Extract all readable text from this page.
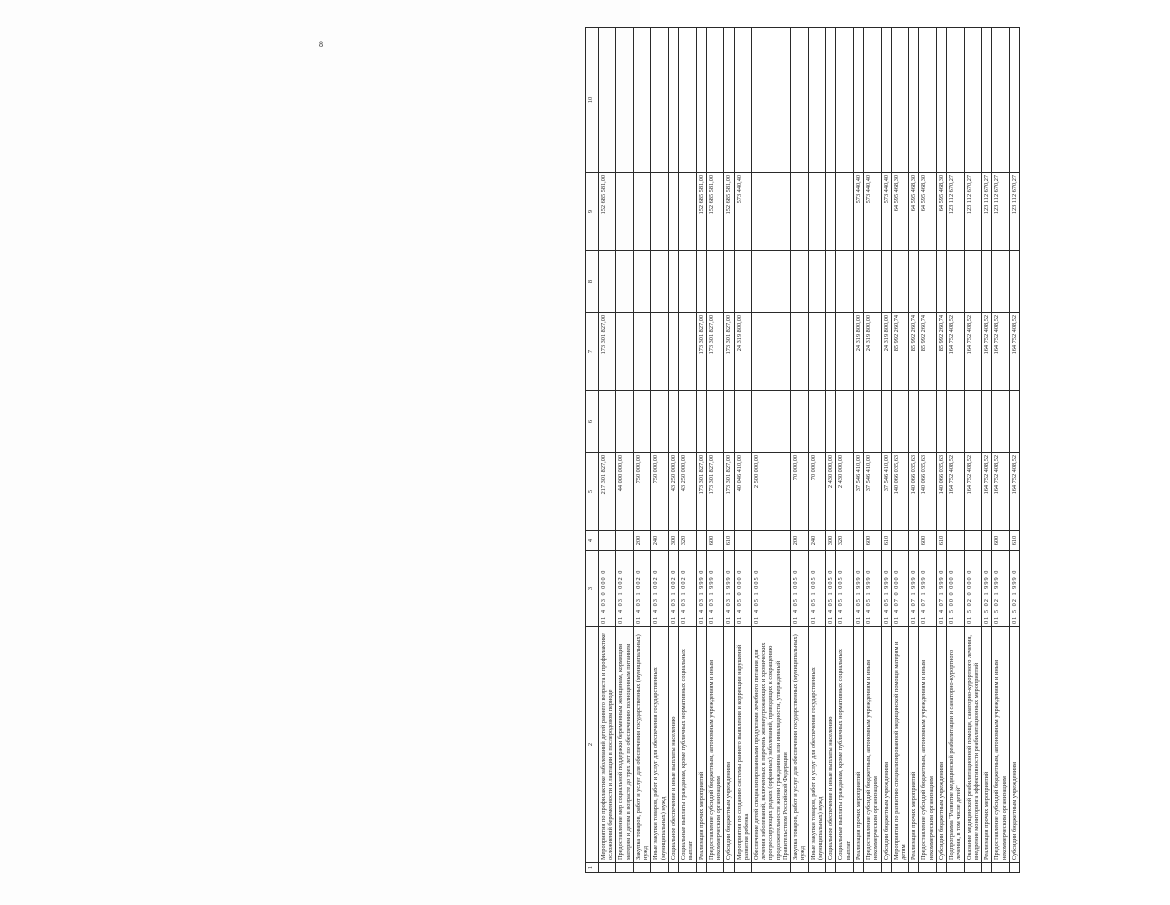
8
1	2	3	4	5	6	7	8	9	10
	Мероприятия по профилактике заболеваний детей раннего возраста и профилактике осложнений беременности и лактации в послеродовом периоде	01 4 03 0 000 0		217 301 827,00		173 301 827,00		152 685 581,00	
	Предоставление мер социальной поддержки беременным женщинам, кормящим матерям и детям в возрасте до трех лет по обеспечению полноценным питанием	01 4 03 1 002 0		44 000 000,00					
	Закупка товаров, работ и услуг для обеспечения государственных (муниципальных) нужд	01 4 03 1 002 0	200	750 000,00					
	Иные закупки товаров, работ и услуг для обеспечения государственных (муниципальных) нужд	01 4 03 1 002 0	240	750 000,00					
	Социальное обеспечение и иные выплаты населению	01 4 03 1 002 0	300	43 250 000,00					
	Социальные выплаты гражданам, кроме публичных нормативных социальных выплат	01 4 03 1 002 0	320	43 250 000,00					
	Реализация прочих мероприятий	01 4 03 1 999 0		173 301 827,00		173 301 827,00		152 685 581,00	
	Предоставление субсидий бюджетным, автономным учреждениям и иным некоммерческим организациям	01 4 03 1 999 0	600	173 301 827,00		173 301 827,00		152 685 581,00	
	Субсидии бюджетным учреждениям	01 4 03 1 999 0	610	173 301 827,00		173 301 827,00		152 685 581,00	
	Мероприятия по созданию системы раннего выявления и коррекции нарушений развития ребенка	01 4 05 0 000 0		40 046 410,00		24 319 800,00		573 440,40	
	Обеспечение детей специализированными продуктами лечебного питания для лечения заболеваний, включенных в перечень жизнеугрожающих и хронических прогрессирующих редких (орфанных) заболеваний, приводящих к сокращению продолжительности жизни гражданина или инвалидности, утвержденный Правительством Российской Федерации	01 4 05 1 005 0		2 500 000,00					
	Закупка товаров, работ и услуг для обеспечения государственных (муниципальных) нужд	01 4 05 1 005 0	200	70 000,00					
	Иные закупки товаров, работ и услуг для обеспечения государственных (муниципальных) нужд	01 4 05 1 005 0	240	70 000,00					
	Социальное обеспечение и иные выплаты населению	01 4 05 1 005 0	300	2 430 000,00					
	Социальные выплаты гражданам, кроме публичных нормативных социальных выплат	01 4 05 1 005 0	320	2 430 000,00					
	Реализация прочих мероприятий	01 4 05 1 999 0		37 546 410,00		24 319 800,00		573 440,40	
	Предоставление субсидий бюджетным, автономным учреждениям и иным некоммерческим организациям	01 4 05 1 999 0	600	37 546 410,00		24 319 800,00		573 440,40	
	Субсидии бюджетным учреждениям	01 4 05 1 999 0	610	37 546 410,00		24 319 800,00		573 440,40	
	Мероприятия по развитию специализированной медицинской помощи матерям и детям	01 4 07 0 000 0		140 066 035,63		85 992 260,74		64 595 468,30	
	Реализация прочих мероприятий	01 4 07 1 999 0		140 066 035,63		85 992 260,74		64 595 468,30	
	Предоставление субсидий бюджетным, автономным учреждениям и иным некоммерческим организациям	01 4 07 1 999 0	600	140 066 035,63		85 992 260,74		64 595 468,30	
	Субсидии бюджетным учреждениям	01 4 07 1 999 0	610	140 066 035,63		85 992 260,74		64 595 468,30	
	Подпрограмма "Развитие медицинской реабилитации и санаторно-курортного лечения, в том числе детей"	01 5 00 0 000 0		164 752 408,52		164 752 408,52		123 112 670,27	
	Оказание медицинской реабилитационной помощи, санаторно-курортного лечения, внедрение мониторинга эффективности реабилитационных мероприятий	01 5 02 0 000 0		164 752 408,52		164 752 408,52		123 112 670,27	
	Реализация прочих мероприятий	01 5 02 1 999 0		164 752 408,52		164 752 408,52		123 112 670,27	
	Предоставление субсидий бюджетным, автономным учреждениям и иным некоммерческим организациям	01 5 02 1 999 0	600	164 752 408,52		164 752 408,52		123 112 670,27	
	Субсидии бюджетным учреждениям	01 5 02 1 999 0	610	164 752 408,52		164 752 408,52		123 112 670,27	
